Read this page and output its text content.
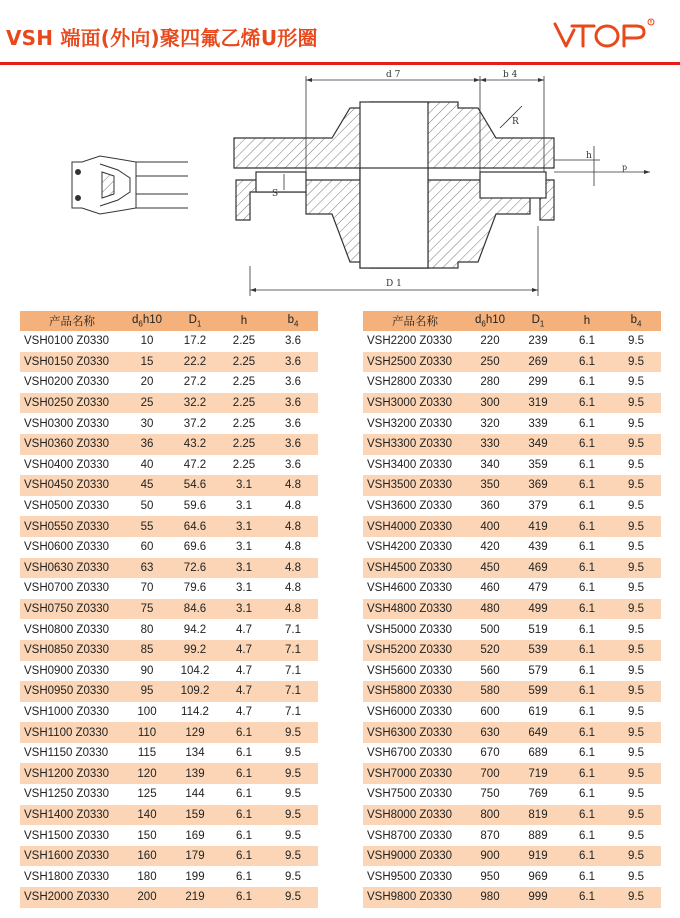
VSH 端面(外向)聚四氟乙烯U形圈
R
d 7	b 4
R
h
p
S
D 1
产品名称	$d_6h10$	$D_1$	h	$b_4$
VSH0100 Z0330	10	17.2	2.25	3.6
VSH0150 Z0330	15	22.2	2.25	3.6
VSH0200 Z0330	20	27.2	2.25	3.6
VSH0250 Z0330	25	32.2	2.25	3.6
VSH0300 Z0330	30	37.2	2.25	3.6
VSH0360 Z0330	36	43.2	2.25	3.6
VSH0400 Z0330	40	47.2	2.25	3.6
VSH0450 Z0330	45	54.6	3.1	4.8
VSH0500 Z0330	50	59.6	3.1	4.8
VSH0550 Z0330	55	64.6	3.1	4.8
VSH0600 Z0330	60	69.6	3.1	4.8
VSH0630 Z0330	63	72.6	3.1	4.8
VSH0700 Z0330	70	79.6	3.1	4.8
VSH0750 Z0330	75	84.6	3.1	4.8
VSH0800 Z0330	80	94.2	4.7	7.1
VSH0850 Z0330	85	99.2	4.7	7.1
VSH0900 Z0330	90	104.2	4.7	7.1
VSH0950 Z0330	95	109.2	4.7	7.1
VSH1000 Z0330	100	114.2	4.7	7.1
VSH1100 Z0330	110	129	6.1	9.5
VSH1150 Z0330	115	134	6.1	9.5
VSH1200 Z0330	120	139	6.1	9.5
VSH1250 Z0330	125	144	6.1	9.5
VSH1400 Z0330	140	159	6.1	9.5
VSH1500 Z0330	150	169	6.1	9.5
VSH1600 Z0330	160	179	6.1	9.5
VSH1800 Z0330	180	199	6.1	9.5
VSH2000 Z0330	200	219	6.1	9.5
产品名称	$d_6h10$	$D_1$	h	$b_4$
VSH2200 Z0330	220	239	6.1	9.5
VSH2500 Z0330	250	269	6.1	9.5
VSH2800 Z0330	280	299	6.1	9.5
VSH3000 Z0330	300	319	6.1	9.5
VSH3200 Z0330	320	339	6.1	9.5
VSH3300 Z0330	330	349	6.1	9.5
VSH3400 Z0330	340	359	6.1	9.5
VSH3500 Z0330	350	369	6.1	9.5
VSH3600 Z0330	360	379	6.1	9.5
VSH4000 Z0330	400	419	6.1	9.5
VSH4200 Z0330	420	439	6.1	9.5
VSH4500 Z0330	450	469	6.1	9.5
VSH4600 Z0330	460	479	6.1	9.5
VSH4800 Z0330	480	499	6.1	9.5
VSH5000 Z0330	500	519	6.1	9.5
VSH5200 Z0330	520	539	6.1	9.5
VSH5600 Z0330	560	579	6.1	9.5
VSH5800 Z0330	580	599	6.1	9.5
VSH6000 Z0330	600	619	6.1	9.5
VSH6300 Z0330	630	649	6.1	9.5
VSH6700 Z0330	670	689	6.1	9.5
VSH7000 Z0330	700	719	6.1	9.5
VSH7500 Z0330	750	769	6.1	9.5
VSH8000 Z0330	800	819	6.1	9.5
VSH8700 Z0330	870	889	6.1	9.5
VSH9000 Z0330	900	919	6.1	9.5
VSH9500 Z0330	950	969	6.1	9.5
VSH9800 Z0330	980	999	6.1	9.5
